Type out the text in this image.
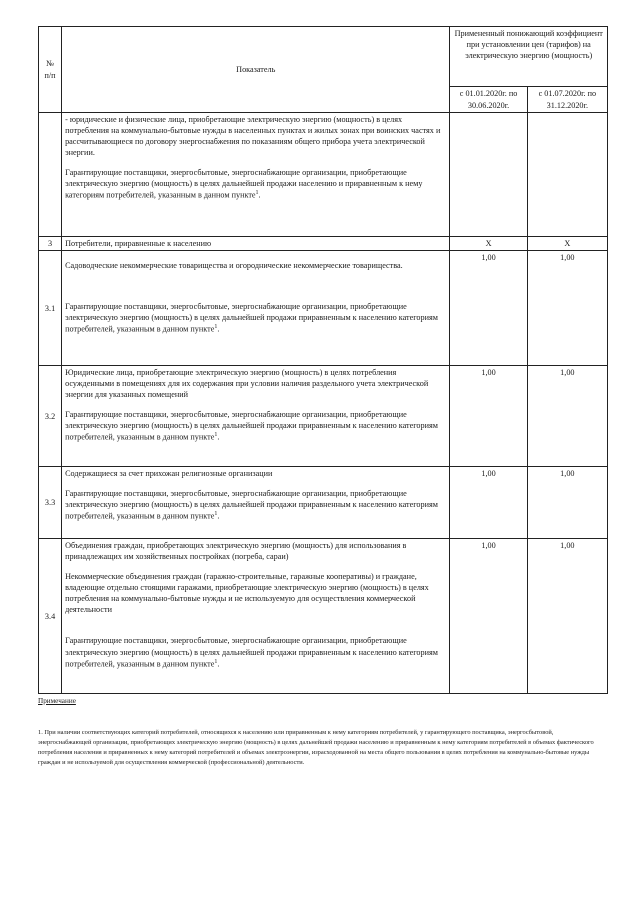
№ п/п	Показатель	Примененный понижающий коэффициент при установлении цен (тарифов) на электрическую энергию (мощность)	
		с 01.01.2020г. по 30.06.2020г.	с 01.07.2020г. по 31.12.2020г.

	- юридические и физические лица, приобретающие электрическую энергию (мощность) в целях потребления на коммунально-бытовые нужды в населенных пунктах и жилых зонах при воинских частях и рассчитывающиеся по договору энергоснабжения по показаниям общего прибора учета электрической энергии.

Гарантирующие поставщики, энергосбытовые, энергоснабжающие организации, приобретающие электрическую энергию (мощность) в целях дальнейшей продажи населению и приравненным к нему категориям потребителей, указанным в данном пункте$^1$.		

3	Потребители, приравненные к населению	X	X
3.1	Садоводческие некоммерческие товарищества и огороднические некоммерческие товарищества.

Гарантирующие поставщики, энергосбытовые, энергоснабжающие организации, приобретающие электрическую энергию (мощность) в целях дальнейшей продажи приравненным к населению категориям потребителей, указанным в данном пункте$^1$.	1,00	1,00
3.2	Юридические лица, приобретающие электрическую энергию (мощность) в целях потребления осужденными в помещениях для их содержания при условии наличия раздельного учета электрической энергии для указанных помещений

Гарантирующие поставщики, энергосбытовые, энергоснабжающие организации, приобретающие электрическую энергию (мощность) в целях дальнейшей продажи приравненным к населению категориям потребителей, указанным в данном пункте$^1$.	1,00	1,00
3.3	Содержащиеся за счет прихожан религиозные организации

Гарантирующие поставщики, энергосбытовые, энергоснабжающие организации, приобретающие электрическую энергию (мощность) в целях дальнейшей продажи приравненным к населению категориям потребителей, указанным в данном пункте$^1$.	1,00	1,00
3.4	Объединения граждан, приобретающих электрическую энергию (мощность) для использования в принадлежащих им хозяйственных постройках (погреба, сараи)

Некоммерческие объединения граждан (гаражно-строительные, гаражные кооперативы) и граждане, владеющие отдельно стоящими гаражами, приобретающие электрическую энергию (мощность) в целях потребления на коммунально-бытовые нужды и не используемую для осуществления коммерческой деятельности

Гарантирующие поставщики, энергосбытовые, энергоснабжающие организации, приобретающие электрическую энергию (мощность) в целях дальнейшей продажи приравненным к населению категориям потребителей, указанным в данном пункте$^1$.	1,00	1,00
Примечание
1. При наличии соответствующих категорий потребителей, относящихся к населению или приравненным к нему категориям потребителей, у гарантирующего поставщика, энергосбытовой, энергоснабжающей организации, приобретающих электрическую энергию (мощность) в целях дальнейшей продажи населению и приравненным к нему категориям потребителей в объемах фактического потребления населения и приравненных к нему категорий потребителей и объемах электроэнергии, израсходованной на места общего пользования в целях потребления на коммунально-бытовые нужды граждан и не используемой для осуществления коммерческой (профессиональной) деятельности.
